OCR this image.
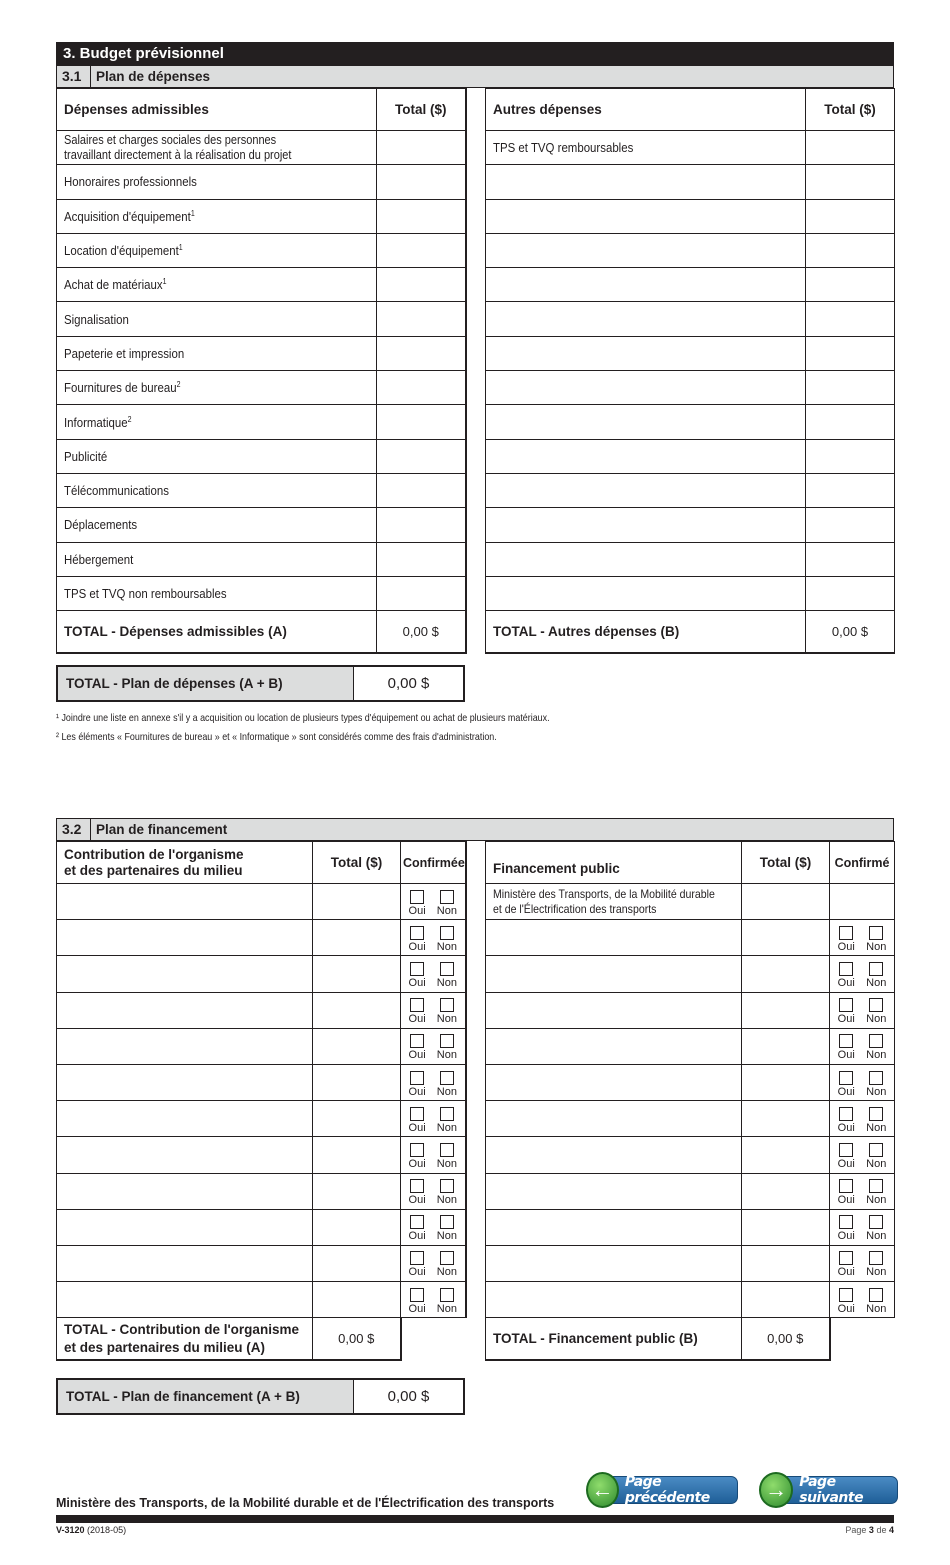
3. Budget prévisionnel
3.1	Plan de dépenses
Dépenses admissibles	Total ($)

Salaires et charges sociales des personnes
travaillant directement à la réalisation du projet	

Honoraires professionnels	
Acquisition d'équipement$^1$	
Location d'équipement$^1$	
Achat de matériaux$^1$	
Signalisation	
Papeterie et impression	
Fournitures de bureau$^2$	
Informatique$^2$	
Publicité	
Télécommunications	
Déplacements	
Hébergement	
TPS et TVQ non remboursables	
TOTAL - Dépenses admissibles (A)	0,00 $
Autres dépenses	Total ($)
TPS et TVQ remboursables	

TOTAL - Autres dépenses (B)	0,00 $
TOTAL - Plan de dépenses (A + B)	0,00 $
¹ Joindre une liste en annexe s'il y a acquisition ou location de plusieurs types d'équipement ou achat de plusieurs matériaux.
² Les éléments « Fournitures de bureau » et « Informatique » sont considérés comme des frais d'administration.
3.2	Plan de financement
Contribution de l'organisme
et des partenaires du milieu	Total ($)	Confirmée

		Oui Non

		Oui Non

		Oui Non

		Oui Non

		Oui Non

		Oui Non

		Oui Non

		Oui Non

		Oui Non

		Oui Non

		Oui Non

		Oui Non

TOTAL - Contribution de l'organisme
et des partenaires du milieu (A)	0,00 $	
Financement public	Total ($)	Confirmé
Ministère des Transports, de la Mobilité durable
et de l'Électrification des transports		

		Oui Non

		Oui Non

		Oui Non

		Oui Non

		Oui Non

		Oui Non

		Oui Non

		Oui Non

		Oui Non

		Oui Non

		Oui Non

TOTAL - Financement public (B)	0,00 $	
TOTAL - Plan de financement (A + B)	0,00 $
Ministère des Transports, de la Mobilité durable et de l'Électrification des transports
← Page précédente	→ Page suivante
V-3120 (2018-05)	Page 3 de 4
